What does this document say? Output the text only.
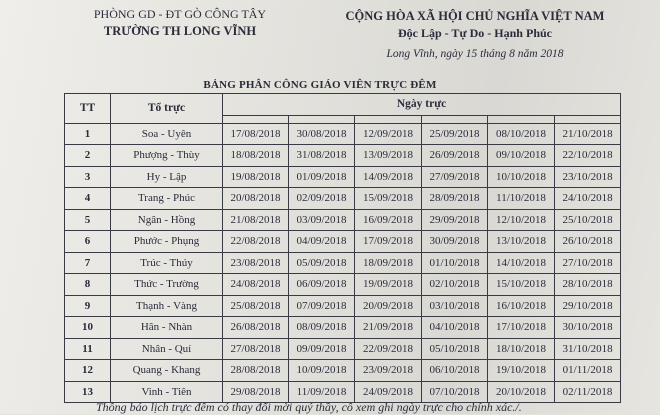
PHÒNG GD - ĐT GÒ CÔNG TÂY
TRƯỜNG TH LONG VĨNH
CỘNG HÒA XÃ HỘI CHỦ NGHĨA VIỆT NAM
Độc Lập - Tự Do - Hạnh Phúc
Long Vĩnh, ngày 15 tháng 8 năm 2018
BẢNG PHÂN CÔNG GIÁO VIÊN TRỰC ĐÊM
TT	Tổ trực	Ngày trực					

1	Soa - Uyên	17/08/2018	30/08/2018	12/09/2018	25/09/2018	08/10/2018	21/10/2018
2	Phượng - Thùy	18/08/2018	31/08/2018	13/09/2018	26/09/2018	09/10/2018	22/10/2018
3	Hy - Lập	19/08/2018	01/09/2018	14/09/2018	27/09/2018	10/10/2018	23/10/2018
4	Trang - Phúc	20/08/2018	02/09/2018	15/09/2018	28/09/2018	11/10/2018	24/10/2018
5	Ngân - Hồng	21/08/2018	03/09/2018	16/09/2018	29/09/2018	12/10/2018	25/10/2018
6	Phước - Phụng	22/08/2018	04/09/2018	17/09/2018	30/09/2018	13/10/2018	26/10/2018
7	Trúc - Thúy	23/08/2018	05/09/2018	18/09/2018	01/10/2018	14/10/2018	27/10/2018
8	Thức - Trường	24/08/2018	06/09/2018	19/09/2018	02/10/2018	15/10/2018	28/10/2018
9	Thạnh - Vàng	25/08/2018	07/09/2018	20/09/2018	03/10/2018	16/10/2018	29/10/2018
10	Hân - Nhàn	26/08/2018	08/09/2018	21/09/2018	04/10/2018	17/10/2018	30/10/2018
11	Nhân - Quí	27/08/2018	09/09/2018	22/09/2018	05/10/2018	18/10/2018	31/10/2018
12	Quang - Khang	28/08/2018	10/09/2018	23/09/2018	06/10/2018	19/10/2018	01/11/2018
13	Vinh - Tiên	29/08/2018	11/09/2018	24/09/2018	07/10/2018	20/10/2018	02/11/2018
Thông báo lịch trực đêm có thay đổi mời quý thầy, cô xem ghi ngày trực cho chính xác./.
